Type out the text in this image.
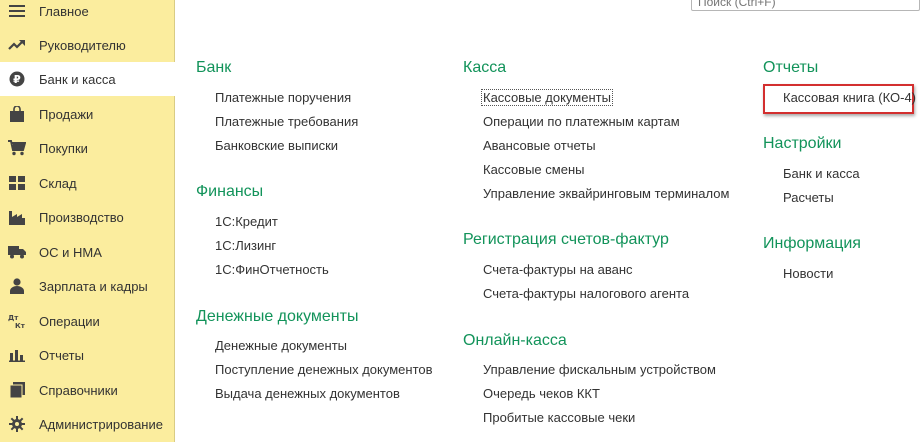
Главное
Руководителю
₽ Банк и касса
Продажи
Покупки
Склад
Производство
ОС и НМА
Зарплата и кадры
Дт
Кт Операции
Отчеты
Справочники
Администрирование
Поиск (Ctrl+F)
Банк
Платежные поручения
Платежные требования
Банковские выписки
Финансы
1С:Кредит
1С:Лизинг
1С:ФинОтчетность
Денежные документы
Денежные документы
Поступление денежных документов
Выдача денежных документов
Касса
Кассовые документы
Операции по платежным картам
Авансовые отчеты
Кассовые смены
Управление эквайринговым терминалом
Регистрация счетов-фактур
Счета-фактуры на аванс
Счета-фактуры налогового агента
Онлайн-касса
Управление фискальным устройством
Очередь чеков ККТ
Пробитые кассовые чеки
Отчеты
Кассовая книга (КО-4)
Настройки
Банк и касса
Расчеты
Информация
Новости
